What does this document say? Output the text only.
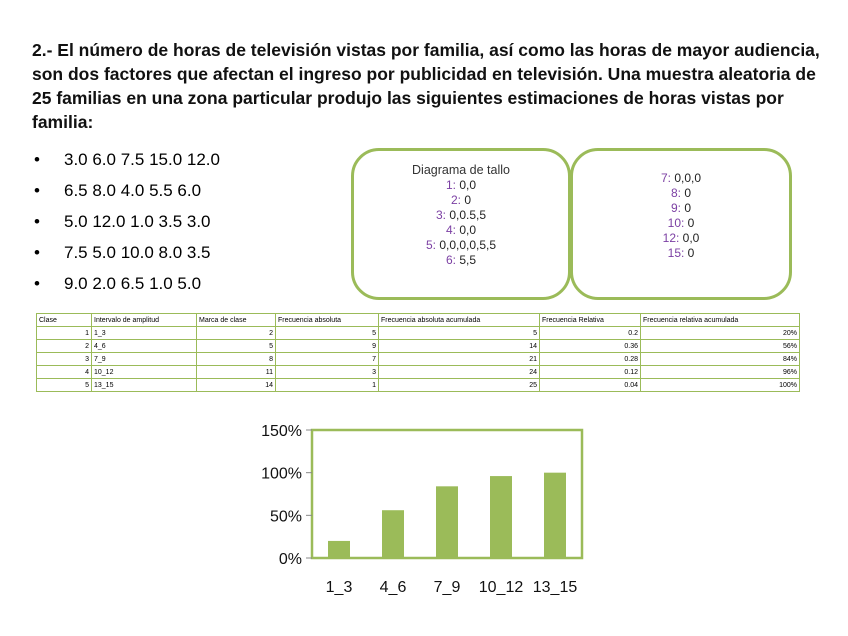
2.- El número de horas de televisión vistas por familia, así como las horas de mayor audiencia, son dos factores que afectan el ingreso por publicidad en televisión. Una muestra aleatoria de 25 familias en una zona particular produjo las siguientes estimaciones de horas vistas por familia:
• 3.0 6.0 7.5 15.0 12.0
• 6.5 8.0 4.0 5.5 6.0
• 5.0 12.0 1.0 3.5 3.0
• 7.5 5.0 10.0 8.0 3.5
• 9.0 2.0 6.5 1.0 5.0
Diagrama de tallo
1: 0,0
2: 0
3: 0,0.5,5
4: 0,0
5: 0,0,0,0,5,5
6: 5,5
7: 0,0,0
8: 0
9: 0
10: 0
12: 0,0
15: 0
Clase	Intervalo de amplitud	Marca de clase	Frecuencia absoluta	Frecuencia absoluta acumulada	Frecuencia Relativa	Frecuencia relativa acumulada
1	1_3	2	5	5	0.2	20%
2	4_6	5	9	14	0.36	56%
3	7_9	8	7	21	0.28	84%
4	10_12	11	3	24	0.12	96%
5	13_15	14	1	25	0.04	100%
0%
50%
100%
150%
1_3 4_6 7_9 10_12 13_15
